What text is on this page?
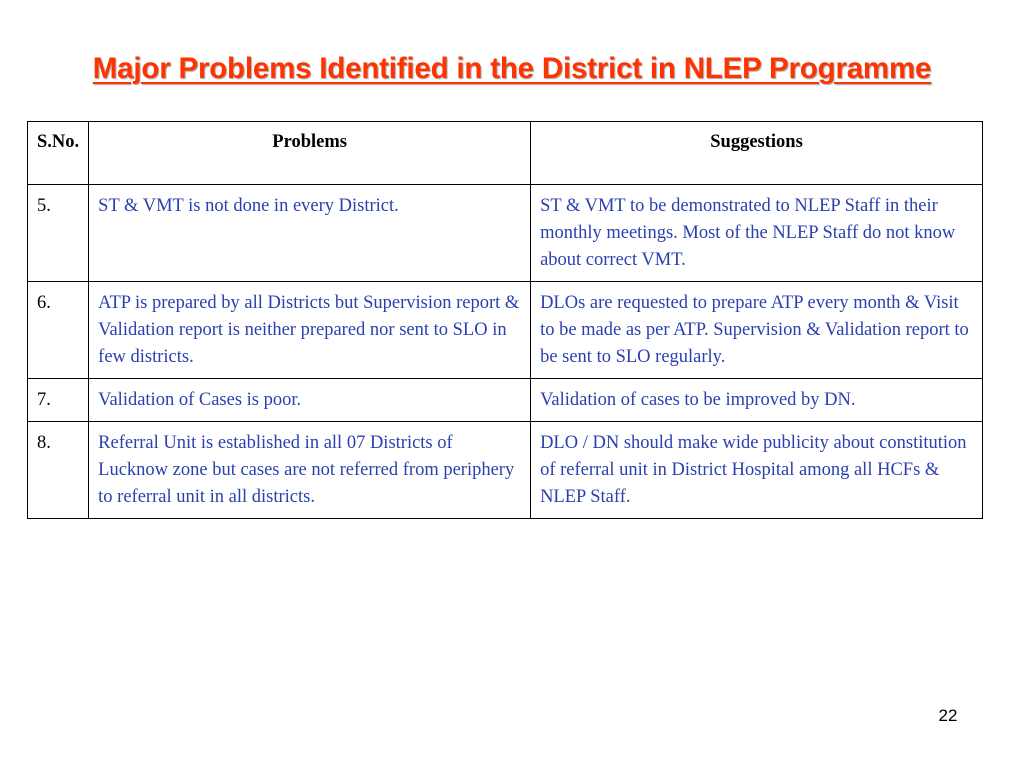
Major Problems Identified in the District in NLEP Programme
S.No.	Problems	Suggestions
5.	ST & VMT is not done in every District.	ST & VMT to be demonstrated to NLEP Staff in their monthly meetings. Most of the NLEP Staff do not know about correct VMT.
6.	ATP is prepared by all Districts but Supervision report & Validation report is neither prepared nor sent to SLO in few districts.	DLOs are requested to prepare ATP every month & Visit to be made as per ATP. Supervision & Validation report to be sent to SLO regularly.
7.	Validation of Cases is poor.	Validation of cases to be improved by DN.
8.	Referral Unit is established in all 07 Districts of Lucknow zone but cases are not referred from periphery to referral unit in all districts.	DLO / DN should make wide publicity about constitution of referral unit in District Hospital among all HCFs & NLEP Staff.
22
